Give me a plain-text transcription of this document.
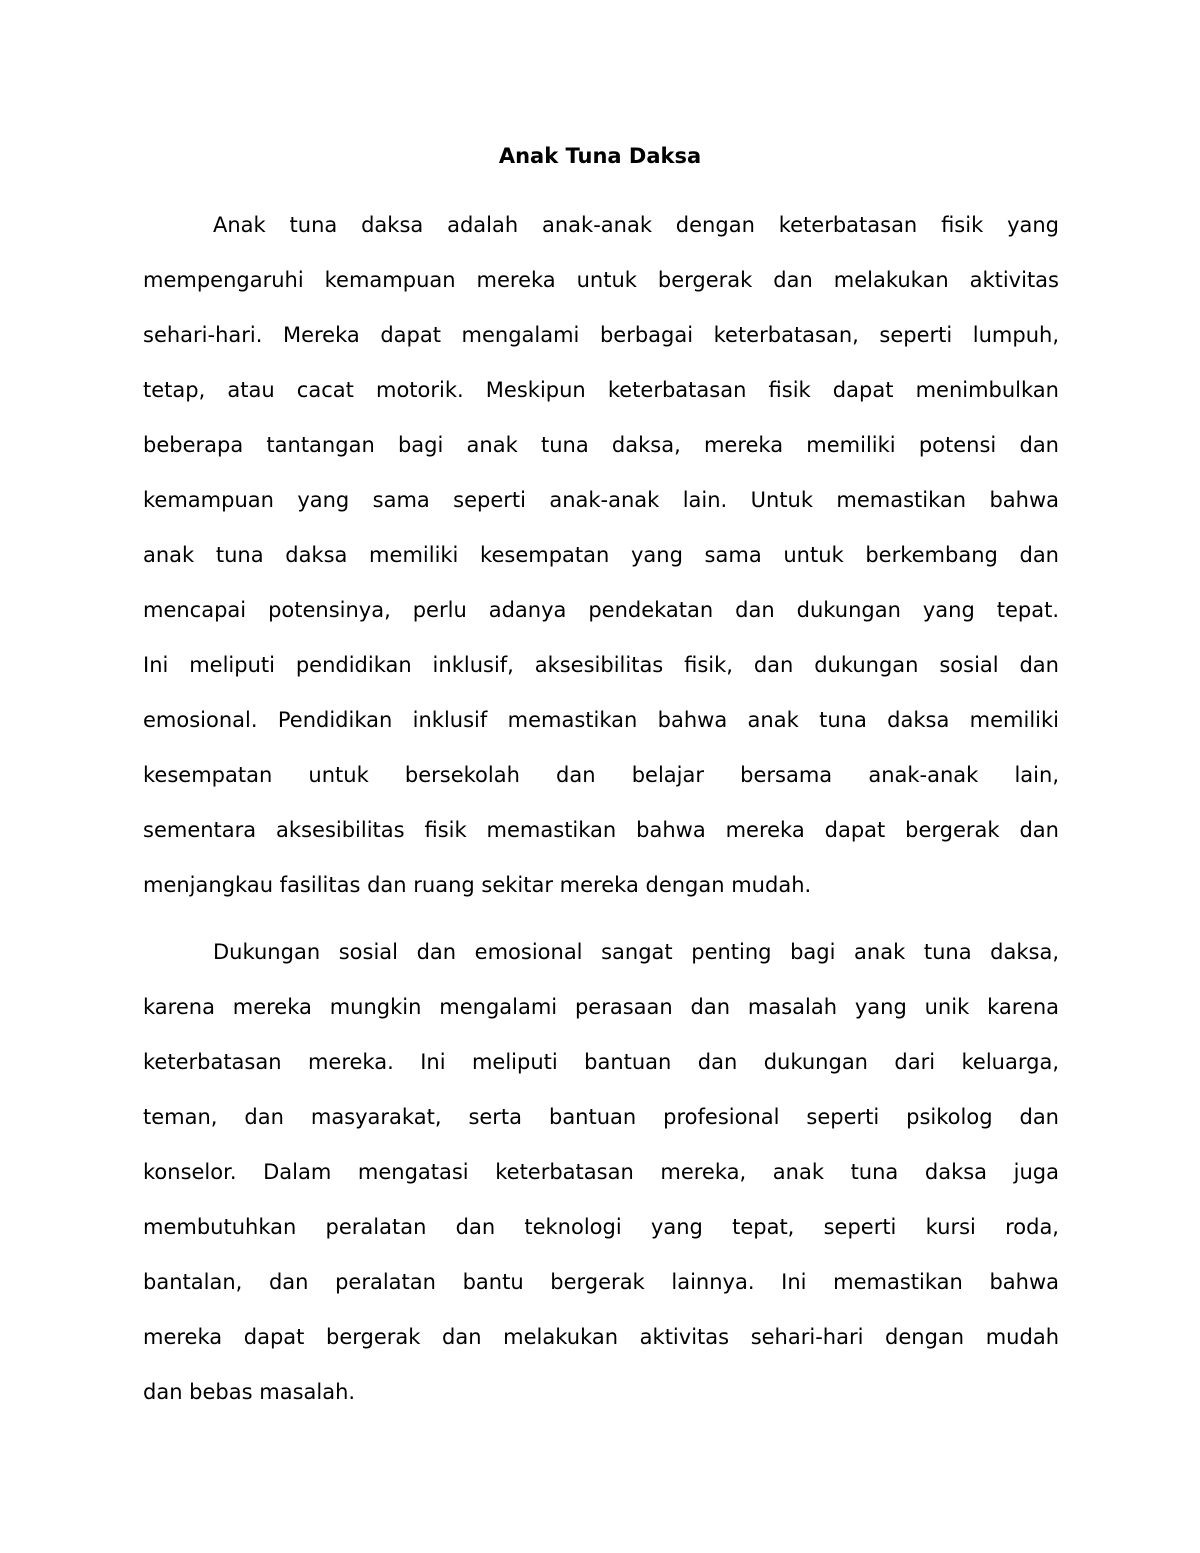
Anak Tuna Daksa
Anak tuna daksa adalah anak-anak dengan keterbatasan fisik yang
mempengaruhi kemampuan mereka untuk bergerak dan melakukan aktivitas
sehari-hari. Mereka dapat mengalami berbagai keterbatasan, seperti lumpuh,
tetap, atau cacat motorik. Meskipun keterbatasan fisik dapat menimbulkan
beberapa tantangan bagi anak tuna daksa, mereka memiliki potensi dan
kemampuan yang sama seperti anak-anak lain. Untuk memastikan bahwa
anak tuna daksa memiliki kesempatan yang sama untuk berkembang dan
mencapai potensinya, perlu adanya pendekatan dan dukungan yang tepat.
Ini meliputi pendidikan inklusif, aksesibilitas fisik, dan dukungan sosial dan
emosional. Pendidikan inklusif memastikan bahwa anak tuna daksa memiliki
kesempatan untuk bersekolah dan belajar bersama anak-anak lain,
sementara aksesibilitas fisik memastikan bahwa mereka dapat bergerak dan
menjangkau fasilitas dan ruang sekitar mereka dengan mudah.
Dukungan sosial dan emosional sangat penting bagi anak tuna daksa,
karena mereka mungkin mengalami perasaan dan masalah yang unik karena
keterbatasan mereka. Ini meliputi bantuan dan dukungan dari keluarga,
teman, dan masyarakat, serta bantuan profesional seperti psikolog dan
konselor. Dalam mengatasi keterbatasan mereka, anak tuna daksa juga
membutuhkan peralatan dan teknologi yang tepat, seperti kursi roda,
bantalan, dan peralatan bantu bergerak lainnya. Ini memastikan bahwa
mereka dapat bergerak dan melakukan aktivitas sehari-hari dengan mudah
dan bebas masalah.
